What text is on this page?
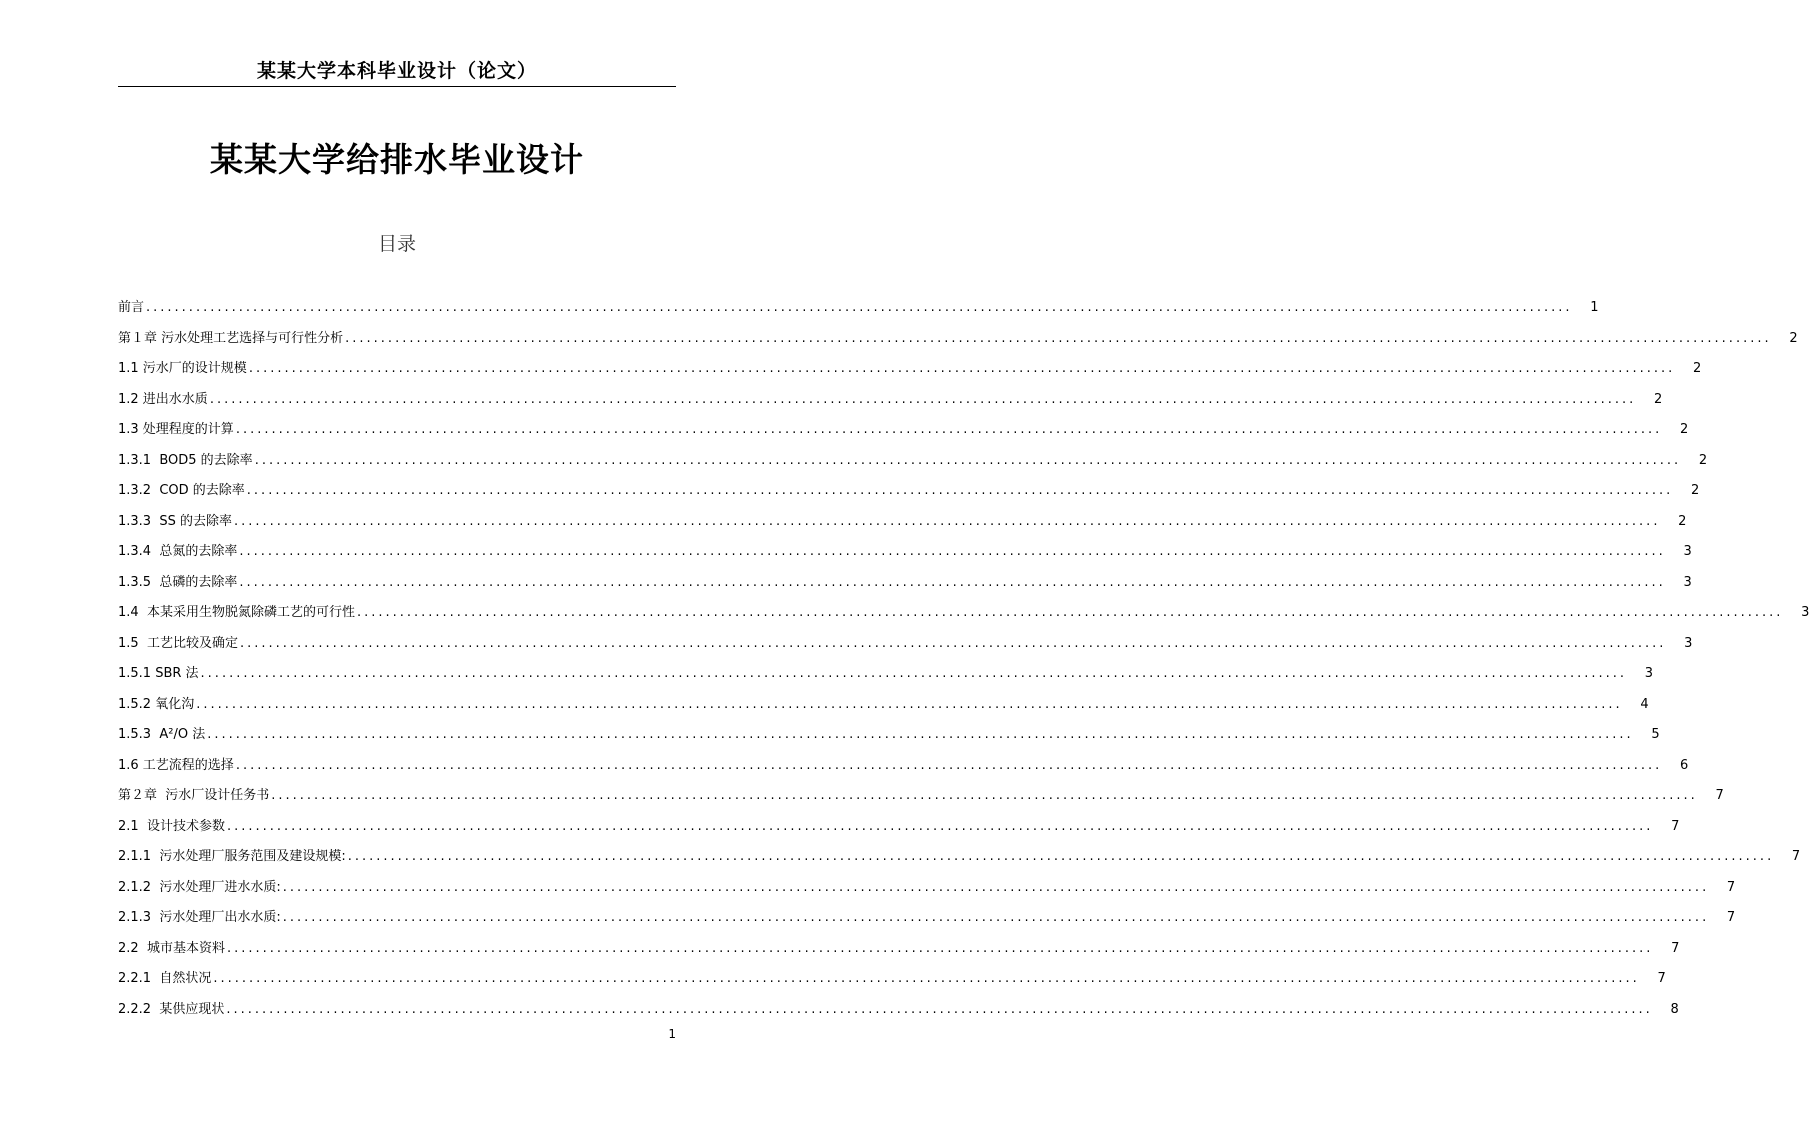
某某大学本科毕业设计（论文）
某某大学给排水毕业设计
目录
前言 ........................................................................................................................................................................................................	1
第１章 污水处理工艺选择与可行性分析 ........................................................................................................................................................................................................	2
1.1 污水厂的设计规模 ........................................................................................................................................................................................................	2
1.2 进出水水质 ........................................................................................................................................................................................................	2
1.3 处理程度的计算 ........................................................................................................................................................................................................	2
1.3.1  BOD5 的去除率 ........................................................................................................................................................................................................	2
1.3.2  COD 的去除率 ........................................................................................................................................................................................................	2
1.3.3  SS 的去除率 ........................................................................................................................................................................................................	2
1.3.4  总氮的去除率 ........................................................................................................................................................................................................	3
1.3.5  总磷的去除率 ........................................................................................................................................................................................................	3
1.4  本某采用生物脱氮除磷工艺的可行性 ........................................................................................................................................................................................................	3
1.5  工艺比较及确定 ........................................................................................................................................................................................................	3
1.5.1 SBR 法 ........................................................................................................................................................................................................	3
1.5.2 氧化沟 ........................................................................................................................................................................................................	4
1.5.3  A²/O 法 ........................................................................................................................................................................................................	5
1.6 工艺流程的选择 ........................................................................................................................................................................................................	6
第２章  污水厂设计任务书 ........................................................................................................................................................................................................	7
2.1  设计技术参数 ........................................................................................................................................................................................................	7
2.1.1  污水处理厂服务范围及建设规模: ........................................................................................................................................................................................................	7
2.1.2  污水处理厂进水水质: ........................................................................................................................................................................................................	7
2.1.3  污水处理厂出水水质: ........................................................................................................................................................................................................	7
2.2  城市基本资料 ........................................................................................................................................................................................................	7
2.2.1  自然状况 ........................................................................................................................................................................................................	7
2.2.2  某供应现状 ........................................................................................................................................................................................................	8
1
